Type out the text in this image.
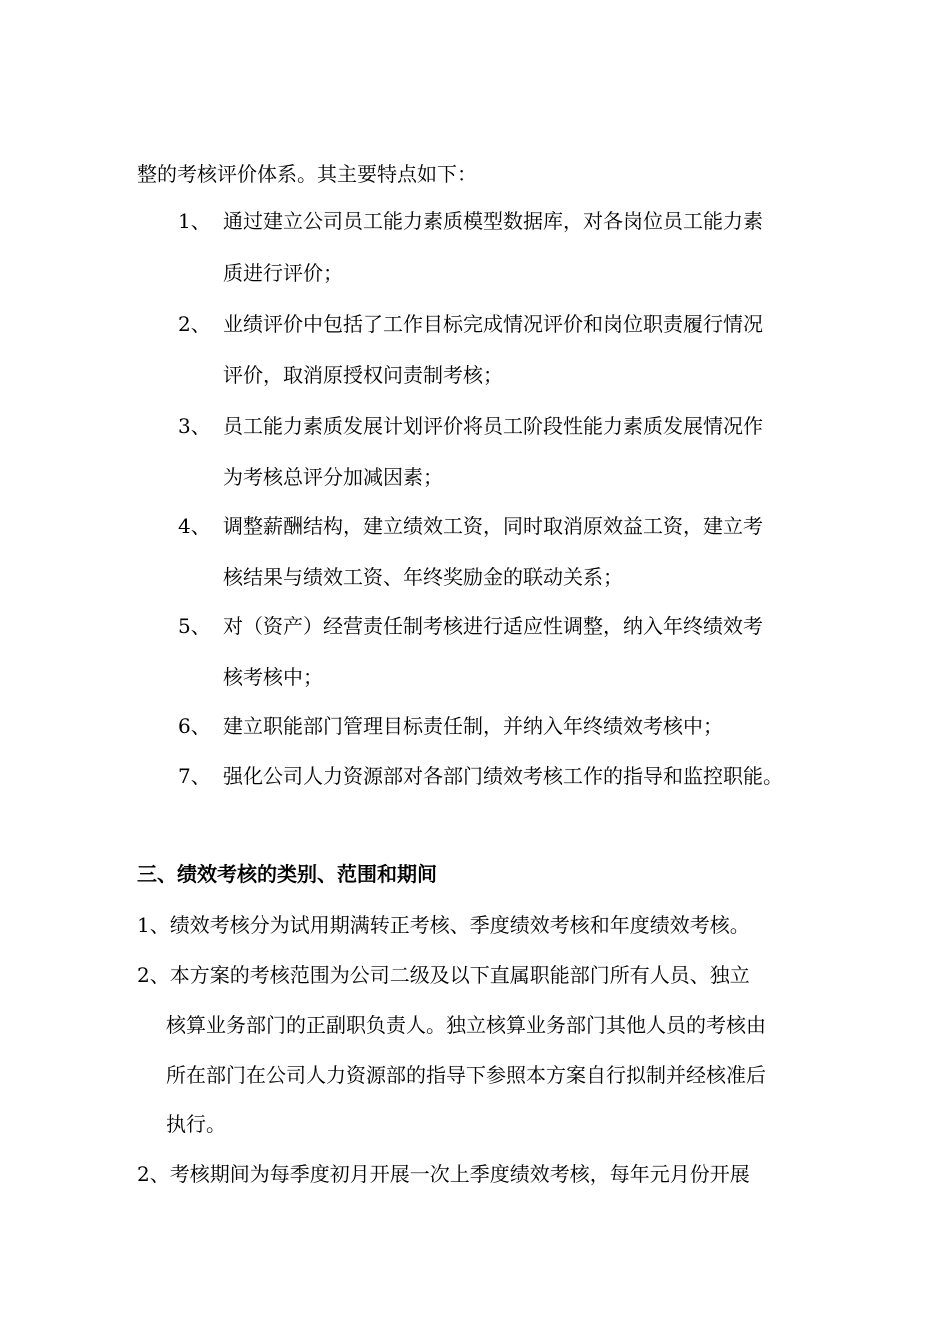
整的考核评价体系。其主要特点如下：
1、 通过建立公司员工能力素质模型数据库，对各岗位员工能力素
质进行评价；
2、 业绩评价中包括了工作目标完成情况评价和岗位职责履行情况
评价，取消原授权问责制考核；
3、 员工能力素质发展计划评价将员工阶段性能力素质发展情况作
为考核总评分加减因素；
4、 调整薪酬结构，建立绩效工资，同时取消原效益工资，建立考
核结果与绩效工资、年终奖励金的联动关系；
5、 对（资产）经营责任制考核进行适应性调整，纳入年终绩效考
核考核中；
6、 建立职能部门管理目标责任制，并纳入年终绩效考核中；
7、 强化公司人力资源部对各部门绩效考核工作的指导和监控职能。
三、绩效考核的类别、范围和期间
1、绩效考核分为试用期满转正考核、季度绩效考核和年度绩效考核。
2、本方案的考核范围为公司二级及以下直属职能部门所有人员、独立
核算业务部门的正副职负责人。独立核算业务部门其他人员的考核由
所在部门在公司人力资源部的指导下参照本方案自行拟制并经核准后
执行。
2、考核期间为每季度初月开展一次上季度绩效考核，每年元月份开展
